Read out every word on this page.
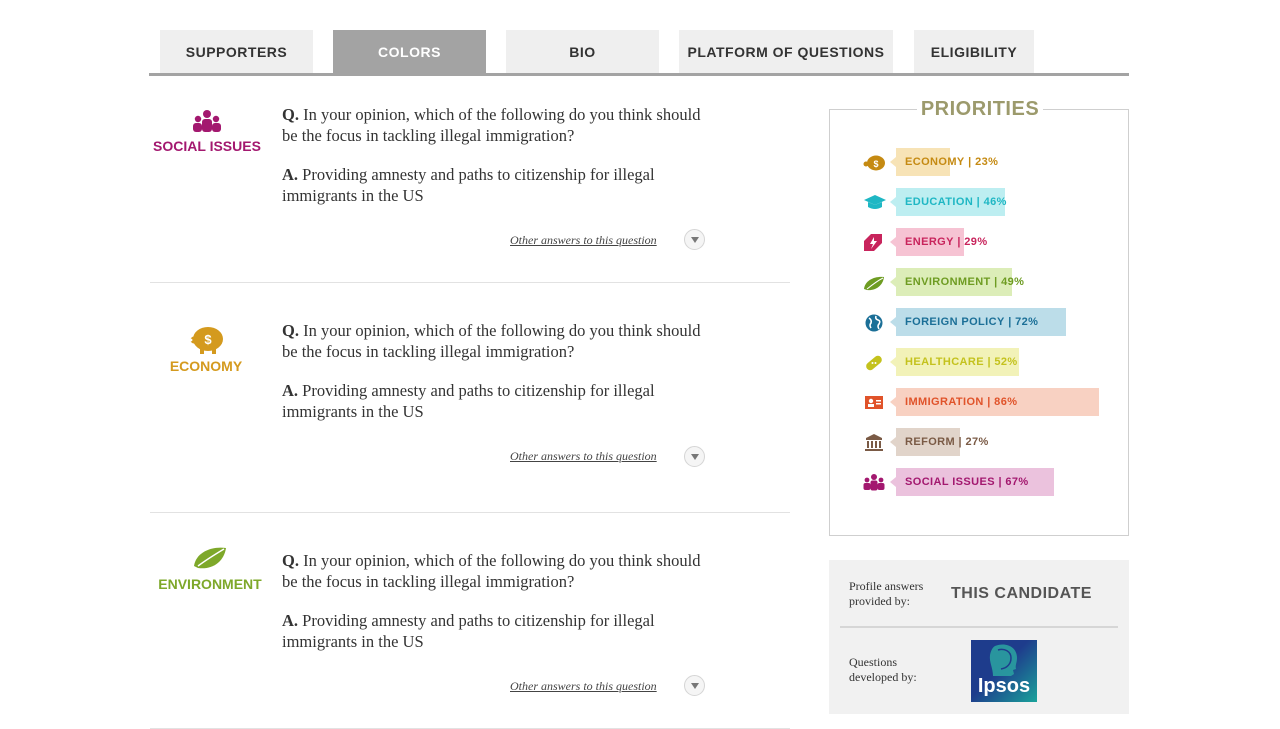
SUPPORTERS	COLORS	BIO	PLATFORM OF QUESTIONS	ELIGIBILITY
SOCIAL ISSUES
Q. In your opinion, which of the following do you think should be the focus in tackling illegal immigration?
A. Providing amnesty and paths to citizenship for illegal immigrants in the US
Other answers to this question
$
ECONOMY
Q. In your opinion, which of the following do you think should be the focus in tackling illegal immigration?
A. Providing amnesty and paths to citizenship for illegal immigrants in the US
Other answers to this question
ENVIRONMENT
Q. In your opinion, which of the following do you think should be the focus in tackling illegal immigration?
A. Providing amnesty and paths to citizenship for illegal immigrants in the US
Other answers to this question
PRIORITIES
$ ECONOMY
|
23%
EDUCATION
|
46%
ENERGY
|
29%
ENVIRONMENT
|
49%
FOREIGN POLICY
|
72%
HEALTHCARE
|
52%
IMMIGRATION
|
86%
REFORM
|
27%
SOCIAL ISSUES
|
67%
Profile answers provided by:	THIS CANDIDATE
Questions developed by:	Ipsos
